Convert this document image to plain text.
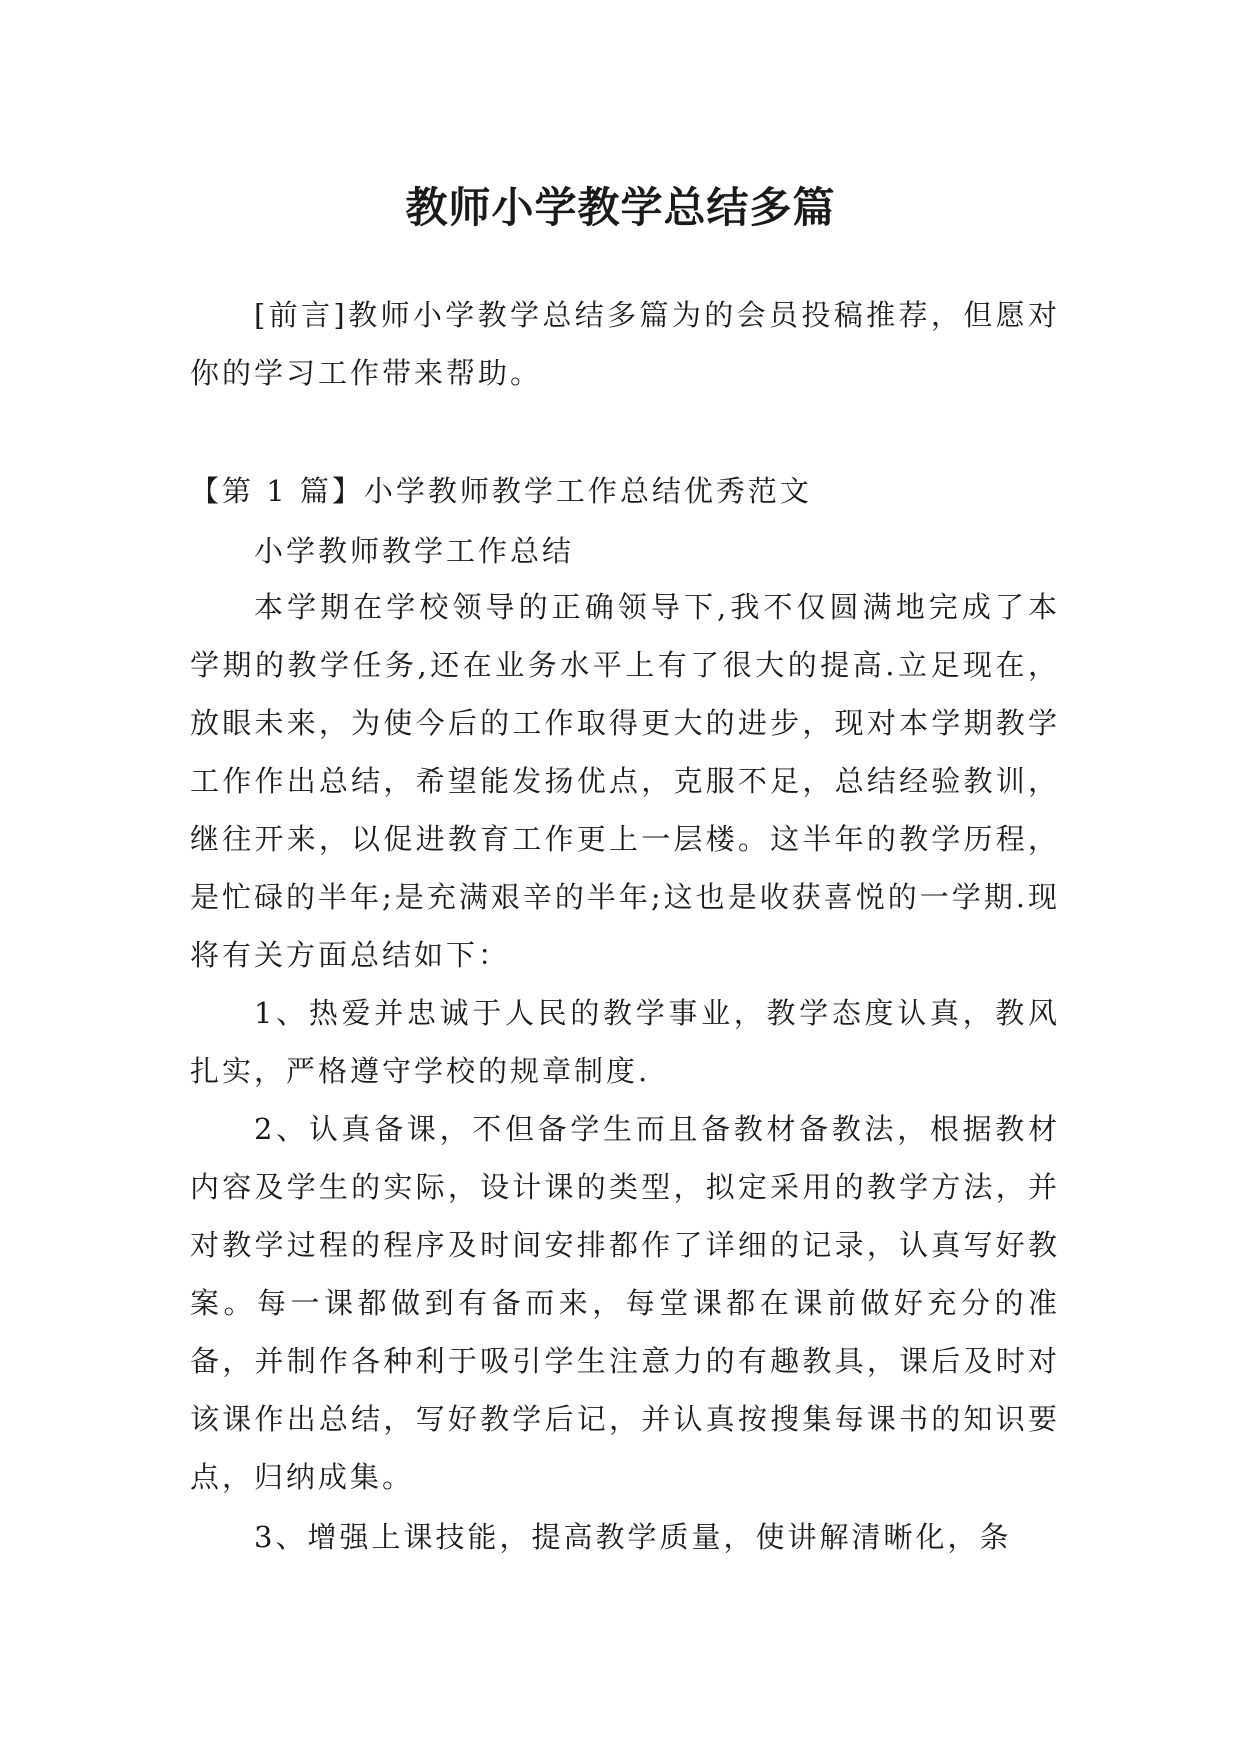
教师小学教学总结多篇

[前言]教师小学教学总结多篇为的会员投稿推荐，但愿对你的学习工作带来帮助。

【第 1 篇】小学教师教学工作总结优秀范文

小学教师教学工作总结

本学期在学校领导的正确领导下,我不仅圆满地完成了本学期的教学任务,还在业务水平上有了很大的提高.立足现在，放眼未来，为使今后的工作取得更大的进步，现对本学期教学工作作出总结，希望能发扬优点，克服不足，总结经验教训，继往开来，以促进教育工作更上一层楼。这半年的教学历程，是忙碌的半年;是充满艰辛的半年;这也是收获喜悦的一学期.现将有关方面总结如下：

1、热爱并忠诚于人民的教学事业，教学态度认真，教风扎实，严格遵守学校的规章制度.

2、认真备课，不但备学生而且备教材备教法，根据教材 内容及学生的实际，设计课的类型，拟定采用的教学方法，并对教学过程的程序及时间安排都作了详细的记录，认真写好教案。每一课都做到有备而来，每堂课都在课前做好充分的准备，并制作各种利于吸引学生注意力的有趣教具，课后及时对该课作出总结，写好教学后记，并认真按搜集每课书的知识要点，归纳成集。

3、增强上课技能，提高教学质量，使讲解清晰化，条
